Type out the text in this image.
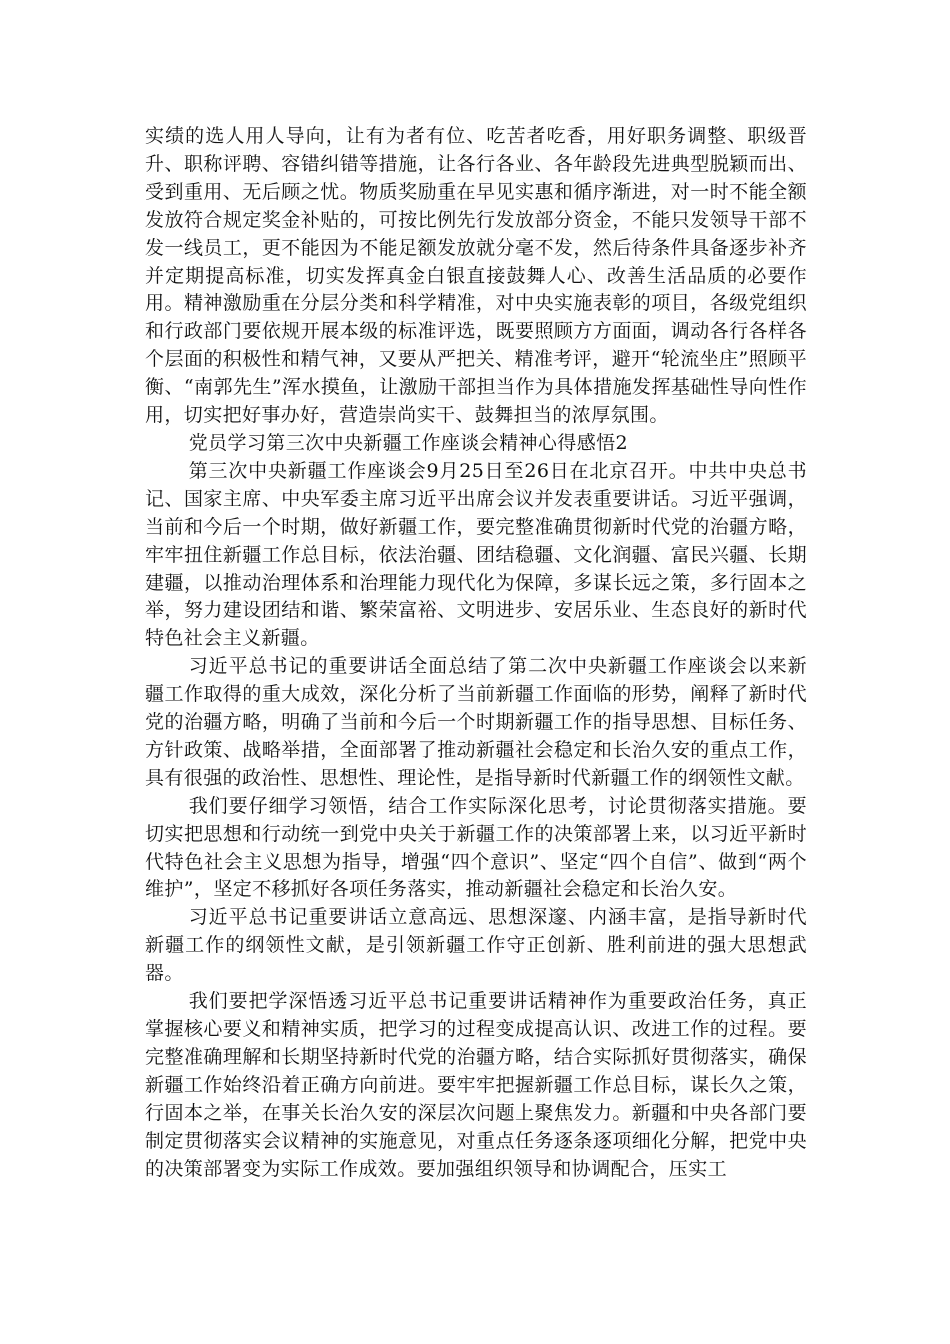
实绩的选人用人导向，让有为者有位、吃苦者吃香，用好职务调整、职级晋升、职称评聘、容错纠错等措施，让各行各业、各年龄段先进典型脱颖而出、受到重用、无后顾之忧。物质奖励重在早见实惠和循序渐进，对一时不能全额发放符合规定奖金补贴的，可按比例先行发放部分资金，不能只发领导干部不发一线员工，更不能因为不能足额发放就分毫不发，然后待条件具备逐步补齐并定期提高标准，切实发挥真金白银直接鼓舞人心、改善生活品质的必要作用。精神激励重在分层分类和科学精准，对中央实施表彰的项目，各级党组织和行政部门要依规开展本级的标准评选，既要照顾方方面面，调动各行各样各个层面的积极性和精气神，又要从严把关、精准考评，避开“轮流坐庄”照顾平衡、“南郭先生”浑水摸鱼，让激励干部担当作为具体措施发挥基础性导向性作用，切实把好事办好，营造崇尚实干、鼓舞担当的浓厚氛围。

党员学习第三次中央新疆工作座谈会精神心得感悟2

第三次中央新疆工作座谈会9月25日至26日在北京召开。中共中央总书记、国家主席、中央军委主席习近平出席会议并发表重要讲话。习近平强调，当前和今后一个时期，做好新疆工作，要完整准确贯彻新时代党的治疆方略，牢牢扭住新疆工作总目标，依法治疆、团结稳疆、文化润疆、富民兴疆、长期建疆，以推动治理体系和治理能力现代化为保障，多谋长远之策，多行固本之举，努力建设团结和谐、繁荣富裕、文明进步、安居乐业、生态良好的新时代特色社会主义新疆。

习近平总书记的重要讲话全面总结了第二次中央新疆工作座谈会以来新疆工作取得的重大成效，深化分析了当前新疆工作面临的形势，阐释了新时代党的治疆方略，明确了当前和今后一个时期新疆工作的指导思想、目标任务、方针政策、战略举措，全面部署了推动新疆社会稳定和长治久安的重点工作，具有很强的政治性、思想性、理论性，是指导新时代新疆工作的纲领性文献。

我们要仔细学习领悟，结合工作实际深化思考，讨论贯彻落实措施。要切实把思想和行动统一到党中央关于新疆工作的决策部署上来，以习近平新时代特色社会主义思想为指导，增强“四个意识”、坚定“四个自信”、做到“两个维护”，坚定不移抓好各项任务落实，推动新疆社会稳定和长治久安。

习近平总书记重要讲话立意高远、思想深邃、内涵丰富，是指导新时代新疆工作的纲领性文献，是引领新疆工作守正创新、胜利前进的强大思想武器。

我们要把学深悟透习近平总书记重要讲话精神作为重要政治任务，真正掌握核心要义和精神实质，把学习的过程变成提高认识、改进工作的过程。要完整准确理解和长期坚持新时代党的治疆方略，结合实际抓好贯彻落实，确保新疆工作始终沿着正确方向前进。要牢牢把握新疆工作总目标，谋长久之策，行固本之举，在事关长治久安的深层次问题上聚焦发力。新疆和中央各部门要制定贯彻落实会议精神的实施意见，对重点任务逐条逐项细化分解，把党中央的决策部署变为实际工作成效。要加强组织领导和协调配合，压实工
